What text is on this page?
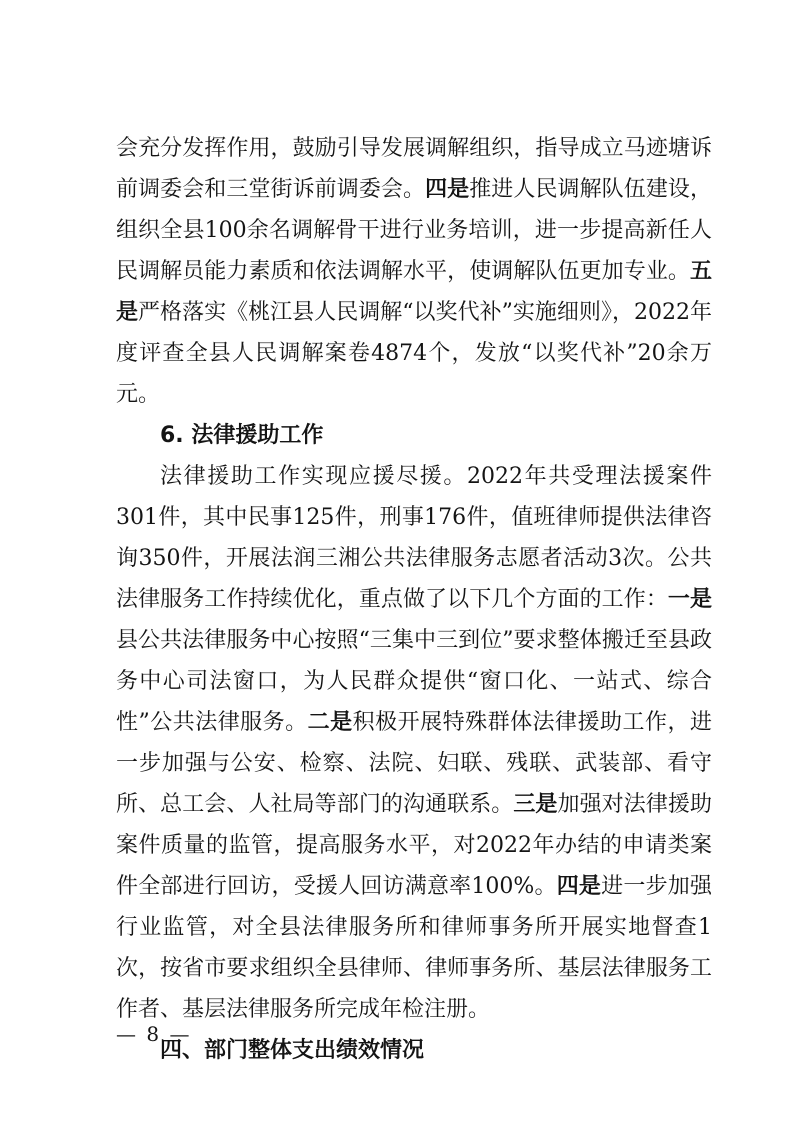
会充分发挥作用，鼓励引导发展调解组织，指导成立马迹塘诉前调委会和三堂街诉前调委会。四是推进人民调解队伍建设，组织全县100余名调解骨干进行业务培训，进一步提高新任人民调解员能力素质和依法调解水平，使调解队伍更加专业。五是严格落实《桃江县人民调解“以奖代补”实施细则》，2022年度评查全县人民调解案卷4874个，发放“以奖代补”20余万元。

6. 法律援助工作

法律援助工作实现应援尽援。2022年共受理法援案件301件，其中民事125件，刑事176件，值班律师提供法律咨询350件，开展法润三湘公共法律服务志愿者活动3次。公共法律服务工作持续优化，重点做了以下几个方面的工作：一是县公共法律服务中心按照“三集中三到位”要求整体搬迁至县政务中心司法窗口，为人民群众提供“窗口化、一站式、综合性”公共法律服务。二是积极开展特殊群体法律援助工作，进一步加强与公安、检察、法院、妇联、残联、武装部、看守所、总工会、人社局等部门的沟通联系。三是加强对法律援助案件质量的监管，提高服务水平，对2022年办结的申请类案件全部进行回访，受援人回访满意率100%。四是进一步加强行业监管，对全县法律服务所和律师事务所开展实地督查1次，按省市要求组织全县律师、律师事务所、基层法律服务工作者、基层法律服务所完成年检注册。

四、部门整体支出绩效情况

— 8 —
